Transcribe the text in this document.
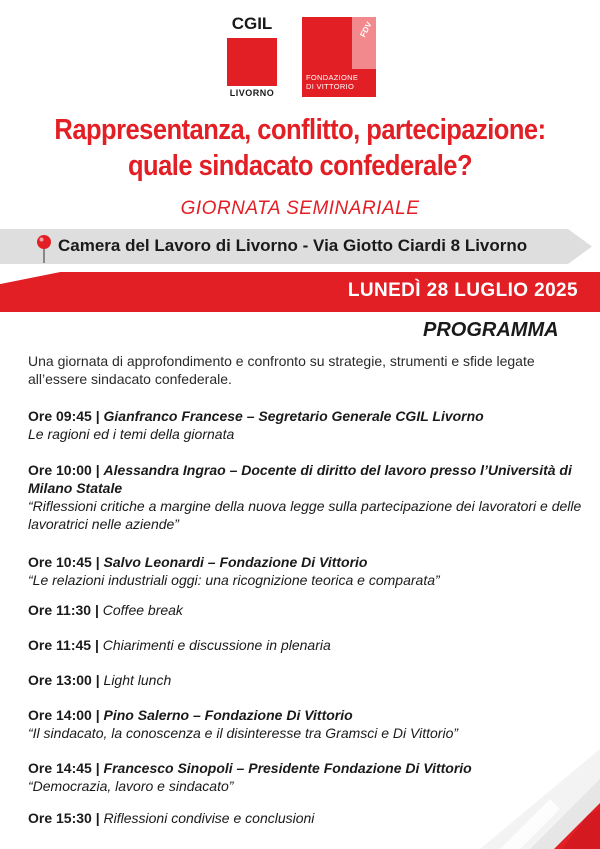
CGIL
LIVORNO
FDV
FONDAZIONE
DI VITTORIO
Rappresentanza, conflitto, partecipazione:
quale sindacato confederale?
GIORNATA SEMINARIALE
Camera del Lavoro di Livorno - Via Giotto Ciardi 8 Livorno
LUNEDÌ 28 LUGLIO 2025
PROGRAMMA
Una giornata di approfondimento e confronto su strategie, strumenti e sfide legate all’essere sindacato confederale.
Ore 09:45 | Gianfranco Francese – Segretario Generale CGIL Livorno
Le ragioni ed i temi della giornata
Ore 10:00 | Alessandra Ingrao – Docente di diritto del lavoro presso l’Università di Milano Statale
“Riflessioni critiche a margine della nuova legge sulla partecipazione dei lavoratori e delle lavoratrici nelle aziende”
Ore 10:45 | Salvo Leonardi – Fondazione Di Vittorio
“Le relazioni industriali oggi: una ricognizione teorica e comparata”
Ore 11:30 | Coffee break
Ore 11:45 | Chiarimenti e discussione in plenaria
Ore 13:00 | Light lunch
Ore 14:00 | Pino Salerno – Fondazione Di Vittorio
“Il sindacato, la conoscenza e il disinteresse tra Gramsci e Di Vittorio”
Ore 14:45 | Francesco Sinopoli – Presidente Fondazione Di Vittorio
“Democrazia, lavoro e sindacato”
Ore 15:30 | Riflessioni condivise e conclusioni
